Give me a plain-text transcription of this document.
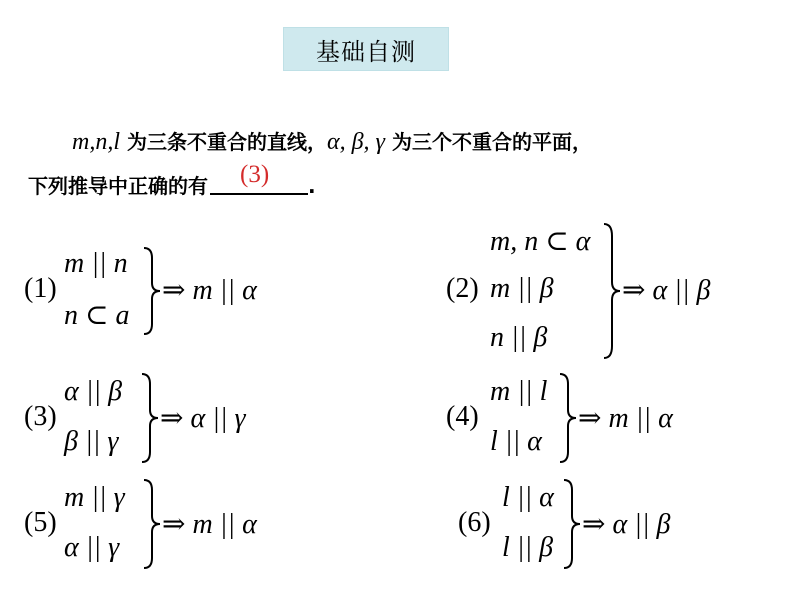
基础自测
m,n,l 为三条不重合的直线，α, β, γ 为三个不重合的平面，
下列推导中正确的有 (3) .
(1)
m || n
n ⊂ a
⇒ m || α	(2)
m, n ⊂ α
m || β
n || β
⇒ α || β
(3)
α || β
β || γ
⇒ α || γ	(4)
m || l
l || α
⇒ m || α
(5)
m || γ
α || γ
⇒ m || α	(6)
l || α
l || β
⇒ α || β
